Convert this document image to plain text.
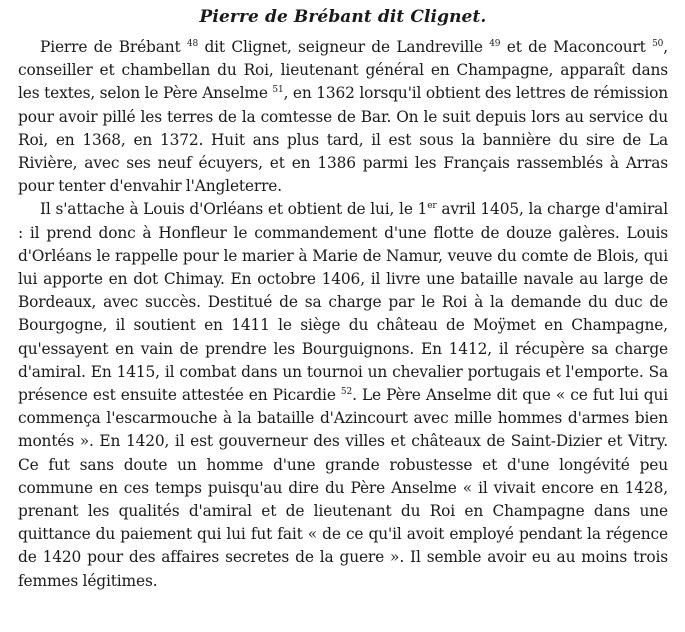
Pierre de Brébant dit Clignet.

Pierre de Brébant $^{48}$ dit Clignet, seigneur de Landreville $^{49}$ et de Maconcourt $^{50}$, conseiller et chambellan du Roi, lieutenant général en Champagne, apparaît dans les textes, selon le Père Anselme $^{51}$, en 1362 lorsqu'il obtient des lettres de rémission pour avoir pillé les terres de la comtesse de Bar. On le suit depuis lors au service du Roi, en 1368, en 1372. Huit ans plus tard, il est sous la bannière du sire de La Rivière, avec ses neuf écuyers, et en 1386 parmi les Français rassemblés à Arras pour tenter d'envahir l'Angleterre.

Il s'attache à Louis d'Orléans et obtient de lui, le 1er avril 1405, la charge d'amiral : il prend donc à Honfleur le commandement d'une flotte de douze galères. Louis d'Orléans le rappelle pour le marier à Marie de Namur, veuve du comte de Blois, qui lui apporte en dot Chimay. En octobre 1406, il livre une bataille navale au large de Bordeaux, avec succès. Destitué de sa charge par le Roi à la demande du duc de Bourgogne, il soutient en 1411 le siège du château de Moÿmet en Champagne, qu'essayent en vain de prendre les Bourguignons. En 1412, il récupère sa charge d'amiral. En 1415, il combat dans un tournoi un chevalier portugais et l'emporte. Sa présence est ensuite attestée en Picardie $^{52}$. Le Père Anselme dit que « ce fut lui qui commença l'escarmouche à la bataille d'Azincourt avec mille hommes d'armes bien montés ». En 1420, il est gouverneur des villes et châteaux de Saint-Dizier et Vitry. Ce fut sans doute un homme d'une grande robustesse et d'une longévité peu commune en ces temps puisqu'au dire du Père Anselme « il vivait encore en 1428, prenant les qualités d'amiral et de lieutenant du Roi en Champagne dans une quittance du paiement qui lui fut fait « de ce qu'il avoit employé pendant la régence de 1420 pour des affaires secretes de la guere ». Il semble avoir eu au moins trois femmes légitimes.
